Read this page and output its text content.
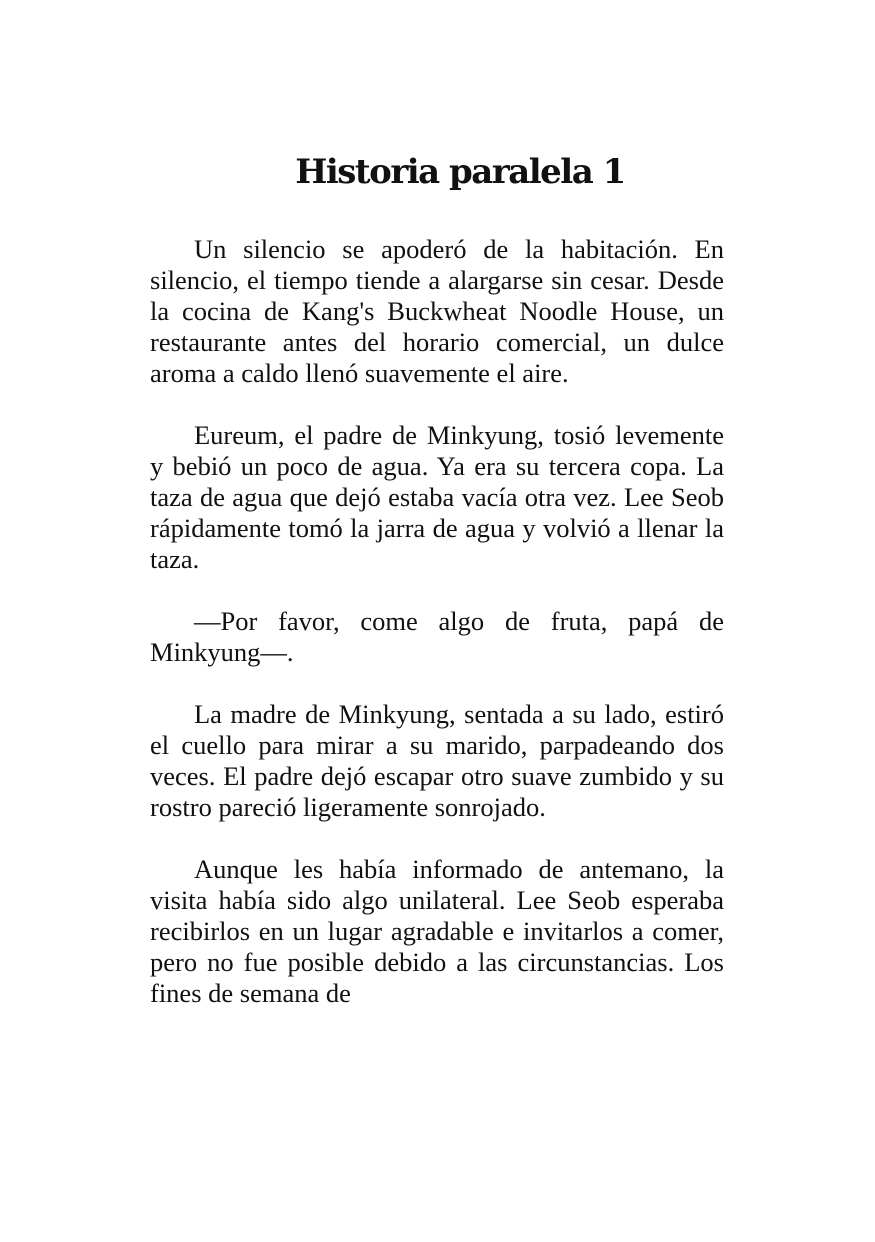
Historia paralela 1

Un silencio se apoderó de la habitación. En silencio, el tiempo tiende a alargarse sin cesar. Desde la cocina de Kang's Buckwheat Noodle House, un restaurante antes del horario comercial, un dulce aroma a caldo llenó suavemente el aire.

Eureum, el padre de Minkyung, tosió levemente y bebió un poco de agua. Ya era su tercera copa. La taza de agua que dejó estaba vacía otra vez. Lee Seob rápidamente tomó la jarra de agua y volvió a llenar la taza.

—Por favor, come algo de fruta, papá de Minkyung—.

La madre de Minkyung, sentada a su lado, estiró el cuello para mirar a su marido, parpadeando dos veces. El padre dejó escapar otro suave zumbido y su rostro pareció ligeramente sonrojado.

Aunque les había informado de antemano, la visita había sido algo unilateral. Lee Seob esperaba recibirlos en un lugar agradable e invitarlos a comer, pero no fue posible debido a las circunstancias. Los fines de semana de
